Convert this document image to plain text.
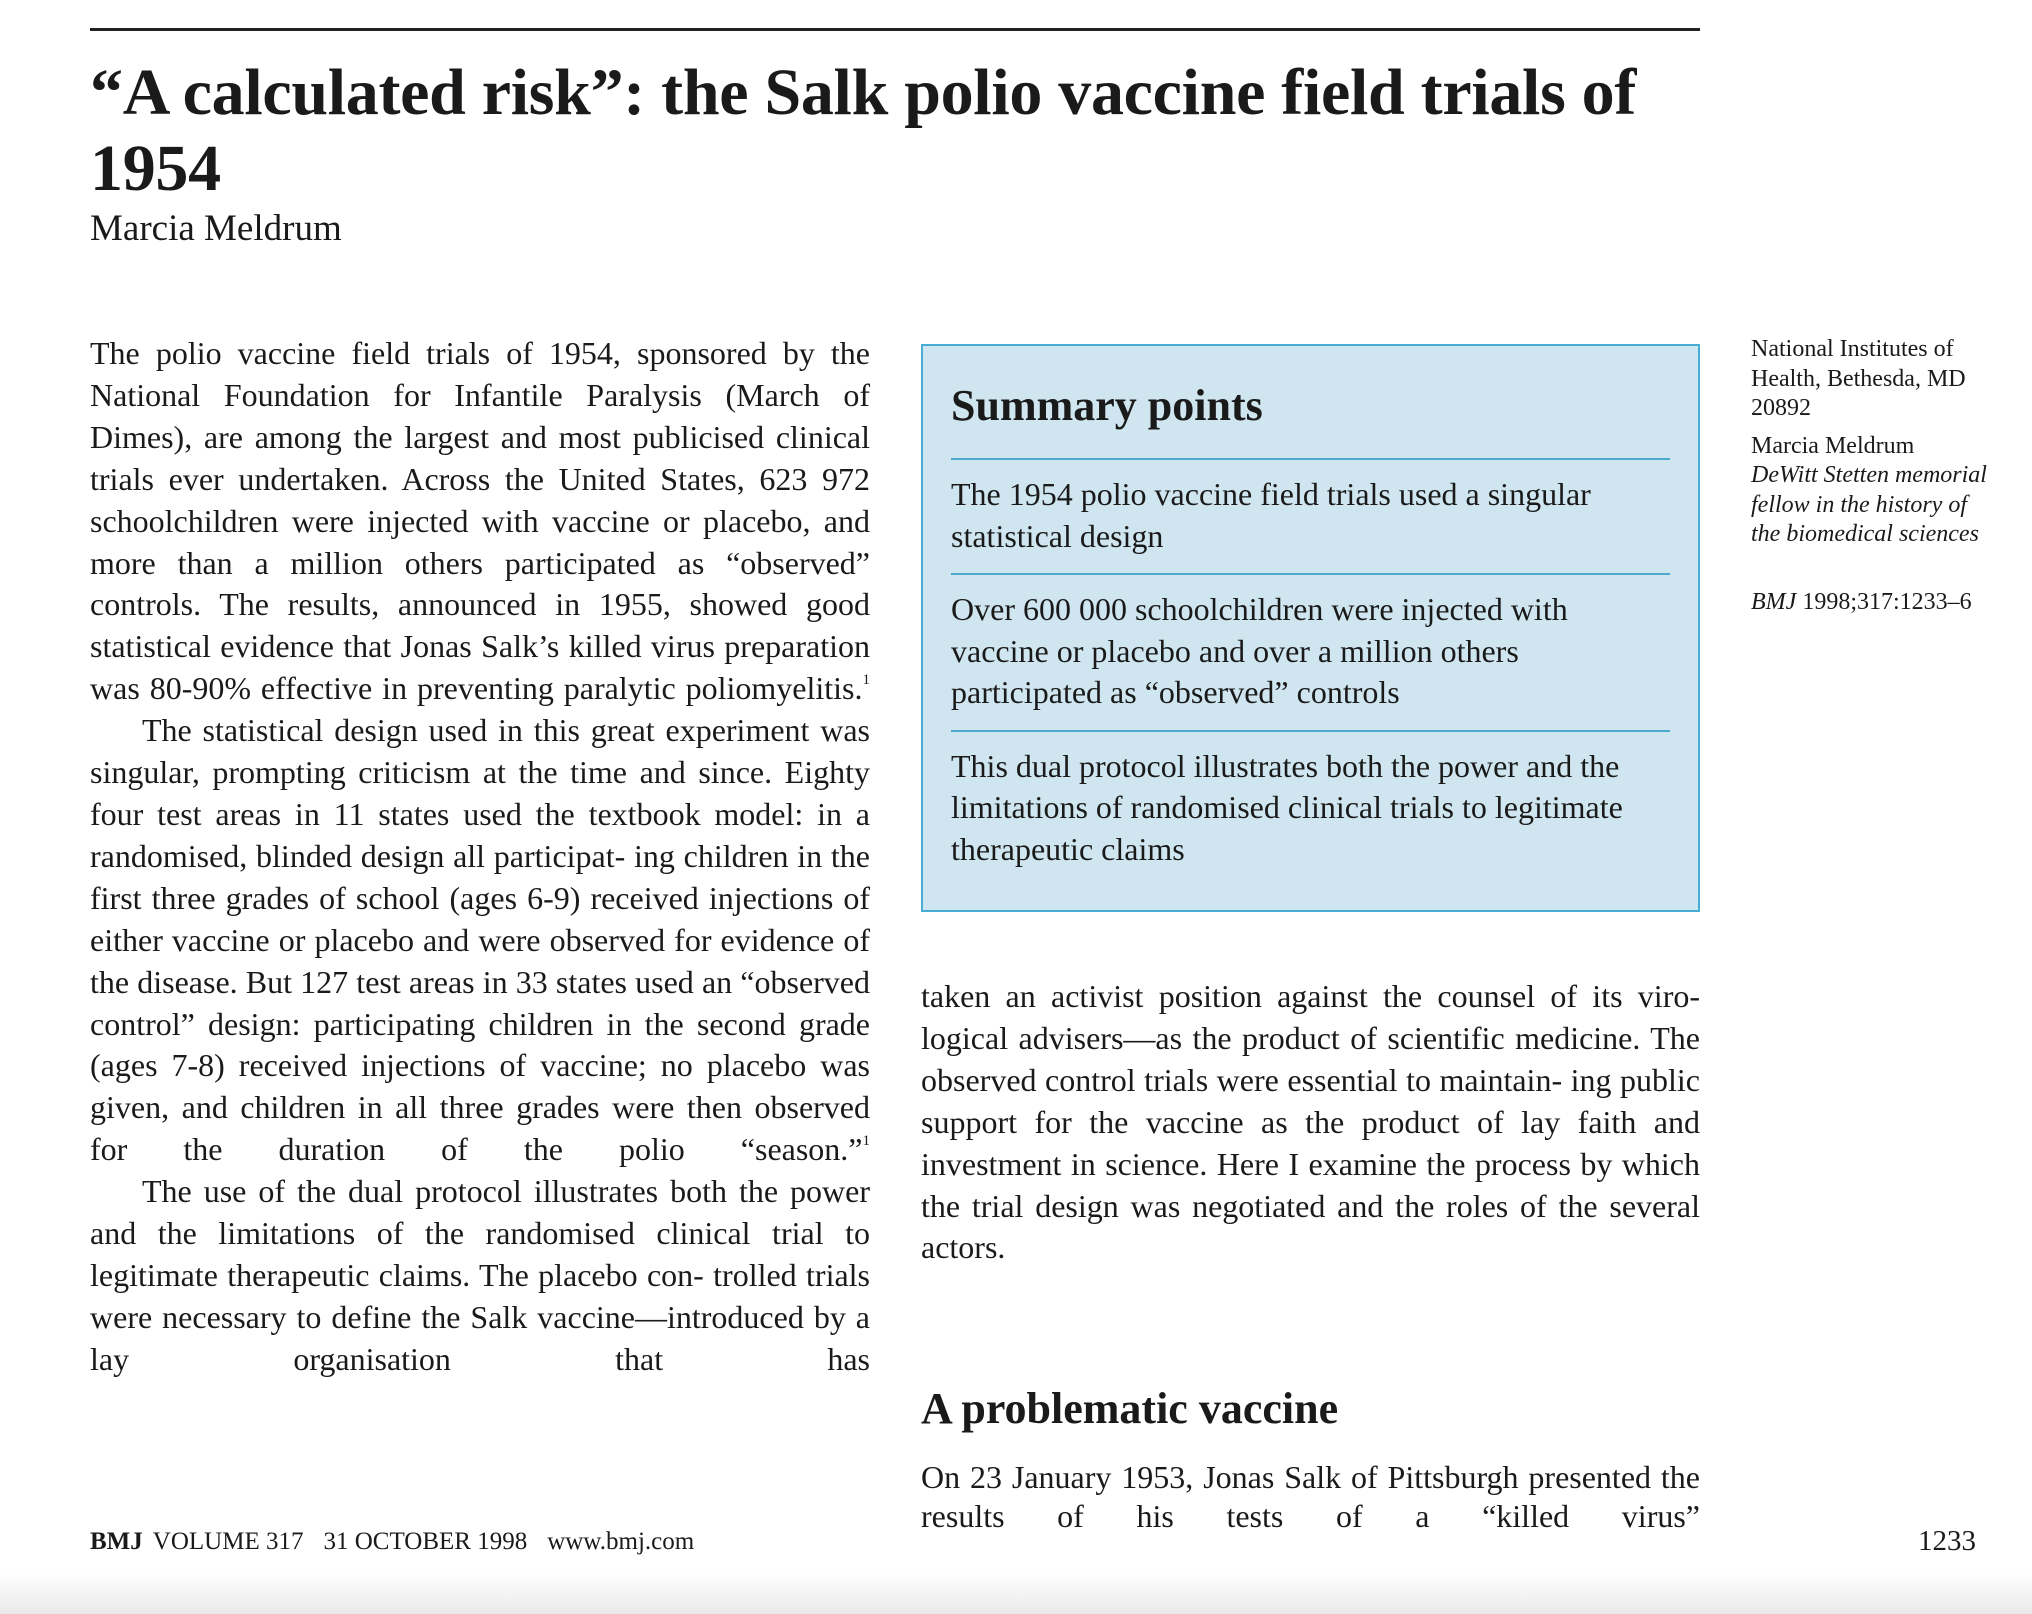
“A calculated risk”: the Salk polio vaccine field trials of 1954
Marcia Meldrum

The polio vaccine field trials of 1954, sponsored by the National Foundation for Infantile Paralysis (March of Dimes), are among the largest and most publicised clinical trials ever undertaken. Across the United States, 623 972 schoolchildren were injected with vaccine or placebo, and more than a million others participated as “observed” controls. The results, announced in 1955, showed good statistical evidence that Jonas Salk’s killed virus preparation was 80-90% effective in preventing paralytic poliomyelitis.$^1$

The statistical design used in this great experiment was singular, prompting criticism at the time and since. Eighty four test areas in 11 states used the textbook model: in a randomised, blinded design all participat- ing children in the first three grades of school (ages 6-9) received injections of either vaccine or placebo and were observed for evidence of the disease. But 127 test areas in 33 states used an “observed control” design: participating children in the second grade (ages 7-8) received injections of vaccine; no placebo was given, and children in all three grades were then observed for the duration of the polio “season.”$^1$

The use of the dual protocol illustrates both the power and the limitations of the randomised clinical trial to legitimate therapeutic claims. The placebo con- trolled trials were necessary to define the Salk vaccine—introduced by a lay organisation that has

Summary points
The 1954 polio vaccine field trials used a singular statistical design
Over 600 000 schoolchildren were injected with vaccine or placebo and over a million others participated as “observed” controls
This dual protocol illustrates both the power and the limitations of randomised clinical trials to legitimate therapeutic claims

taken an activist position against the counsel of its viro- logical advisers—as the product of scientific medicine. The observed control trials were essential to maintain- ing public support for the vaccine as the product of lay faith and investment in science. Here I examine the process by which the trial design was negotiated and the roles of the several actors.

A problematic vaccine

On 23 January 1953, Jonas Salk of Pittsburgh presented the results of his tests of a “killed virus”

National Institutes of Health, Bethesda, MD 20892
Marcia Meldrum
DeWitt Stetten memorial fellow in the history of the biomedical sciences
BMJ 1998;317:1233–6
BMJ VOLUME 317 31 OCTOBER 1998 www.bmj.com	1233
